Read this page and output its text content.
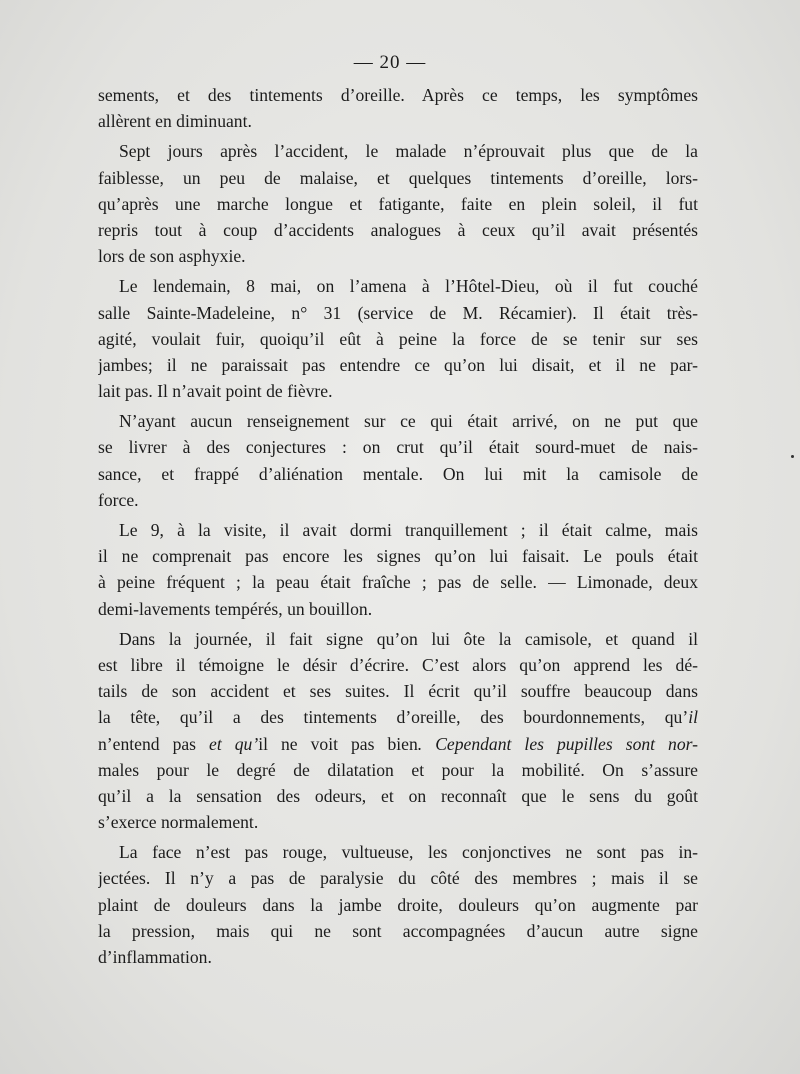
— 20 —
sements, et des tintements d’oreille. Après ce temps, les symptômes
allèrent en diminuant.
Sept jours après l’accident, le malade n’éprouvait plus que de la
faiblesse, un peu de malaise, et quelques tintements d’oreille, lors-
qu’après une marche longue et fatigante, faite en plein soleil, il fut
repris tout à coup d’accidents analogues à ceux qu’il avait présentés
lors de son asphyxie.
Le lendemain, 8 mai, on l’amena à l’Hôtel-Dieu, où il fut couché
salle Sainte-Madeleine, n° 31 (service de M. Récamier). Il était très-
agité, voulait fuir, quoiqu’il eût à peine la force de se tenir sur ses
jambes; il ne paraissait pas entendre ce qu’on lui disait, et il ne par-
lait pas. Il n’avait point de fièvre.
N’ayant aucun renseignement sur ce qui était arrivé, on ne put que
se livrer à des conjectures : on crut qu’il était sourd-muet de nais-
sance, et frappé d’aliénation mentale. On lui mit la camisole de
force.
Le 9, à la visite, il avait dormi tranquillement ; il était calme, mais
il ne comprenait pas encore les signes qu’on lui faisait. Le pouls était
à peine fréquent ; la peau était fraîche ; pas de selle. — Limonade, deux
demi-lavements tempérés, un bouillon.
Dans la journée, il fait signe qu’on lui ôte la camisole, et quand il
est libre il témoigne le désir d’écrire. C’est alors qu’on apprend les dé-
tails de son accident et ses suites. Il écrit qu’il souffre beaucoup dans
la tête, qu’il a des tintements d’oreille, des bourdonnements, qu’il
n’entend pas et qu’il ne voit pas bien. Cependant les pupilles sont nor-
males pour le degré de dilatation et pour la mobilité. On s’assure
qu’il a la sensation des odeurs, et on reconnaît que le sens du goût
s’exerce normalement.
La face n’est pas rouge, vultueuse, les conjonctives ne sont pas in-
jectées. Il n’y a pas de paralysie du côté des membres ; mais il se
plaint de douleurs dans la jambe droite, douleurs qu’on augmente par
la pression, mais qui ne sont accompagnées d’aucun autre signe
d’inflammation.
